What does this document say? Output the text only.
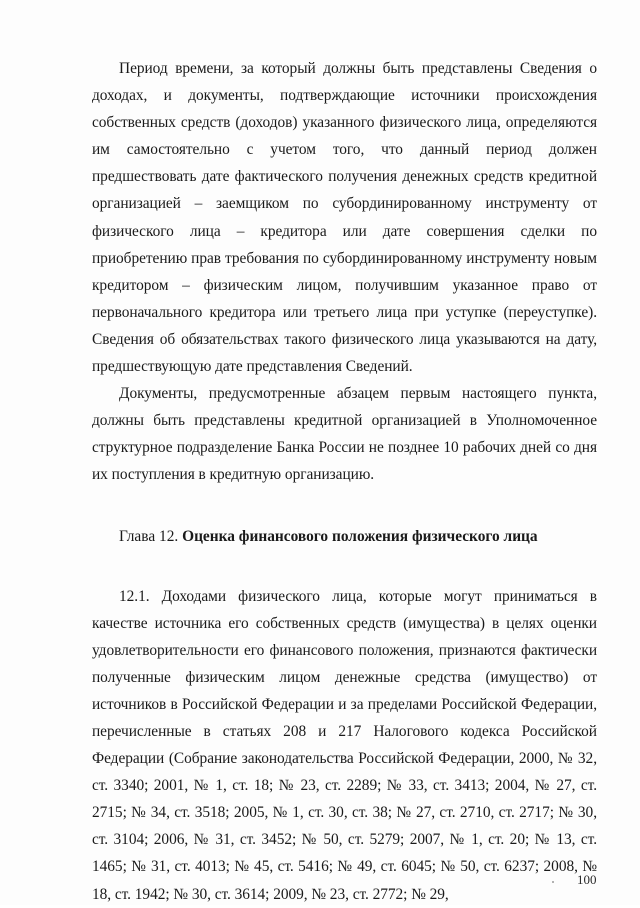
Период времени, за который должны быть представлены Сведения о доходах, и документы, подтверждающие источники происхождения собственных средств (доходов) указанного физического лица, определяются им самостоятельно с учетом того, что данный период должен предшествовать дате фактического получения денежных средств кредитной организацией – заемщиком по субординированному инструменту от физического лица – кредитора или дате совершения сделки по приобретению прав требования по субординированному инструменту новым кредитором – физическим лицом, получившим указанное право от первоначального кредитора или третьего лица при уступке (переуступке). Сведения об обязательствах такого физического лица указываются на дату, предшествующую дате представления Сведений.

Документы, предусмотренные абзацем первым настоящего пункта, должны быть представлены кредитной организацией в Уполномоченное структурное подразделение Банка России не позднее 10 рабочих дней со дня их поступления в кредитную организацию.

Глава 12. Оценка финансового положения физического лица

12.1. Доходами физического лица, которые могут приниматься в качестве источника его собственных средств (имущества) в целях оценки удовлетворительности его финансового положения, признаются фактически полученные физическим лицом денежные средства (имущество) от источников в Российской Федерации и за пределами Российской Федерации, перечисленные в статьях 208 и 217 Налогового кодекса Российской Федерации (Собрание законодательства Российской Федерации, 2000, № 32, ст. 3340; 2001, № 1, ст. 18; № 23, ст. 2289; № 33, ст. 3413; 2004, № 27, ст. 2715; № 34, ст. 3518; 2005, № 1, ст. 30, ст. 38; № 27, ст. 2710, ст. 2717; № 30, ст. 3104; 2006, № 31, ст. 3452; № 50, ст. 5279; 2007, № 1, ст. 20; № 13, ст. 1465; № 31, ст. 4013; № 45, ст. 5416; № 49, ст. 6045; № 50, ст. 6237; 2008, № 18, ст. 1942; № 30, ст. 3614; 2009, № 23, ст. 2772; № 29,

100
